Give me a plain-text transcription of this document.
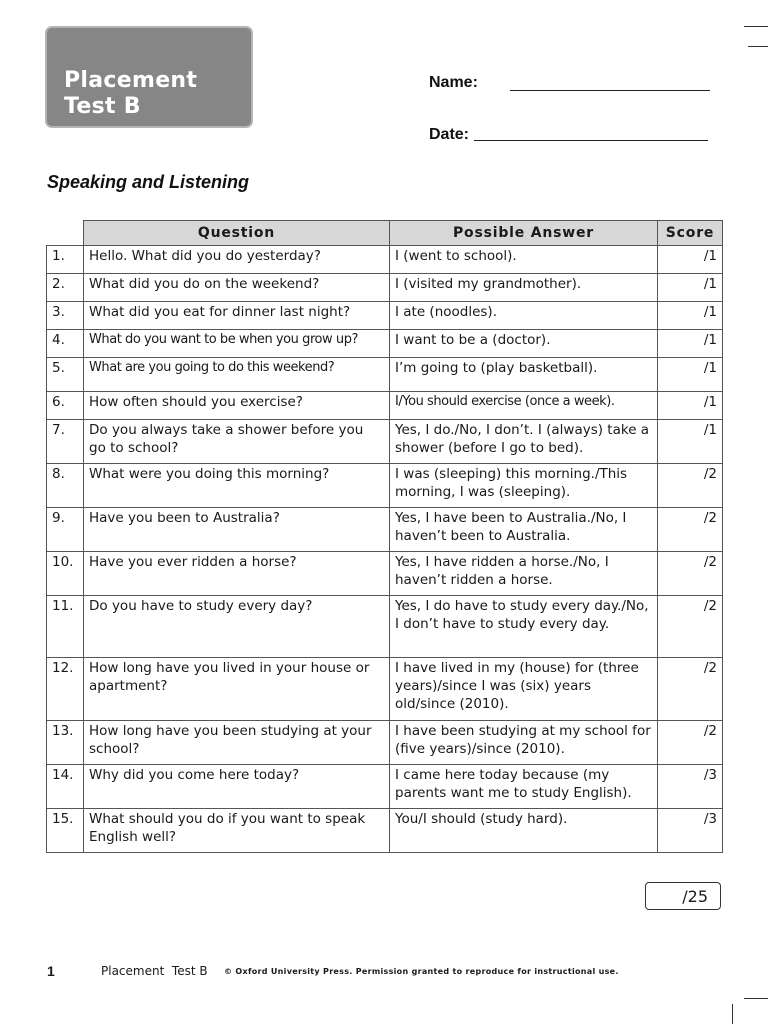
Placement
Test B
Name:
Date:
Speaking and Listening
	Question	Possible Answer	Score
1.	Hello. What did you do yesterday?	I (went to school).	/1
2.	What did you do on the weekend?	I (visited my grandmother).	/1
3.	What did you eat for dinner last night?	I ate (noodles).	/1
4.	What do you want to be when you grow up?	I want to be a (doctor).	/1
5.	What are you going to do this weekend?	I’m going to (play basketball).	/1
6.	How often should you exercise?	I/You should exercise (once a week).	/1
7.	Do you always take a shower before you go to school?	Yes, I do./No, I don’t. I (always) take a shower (before I go to bed).	/1
8.	What were you doing this morning?	I was (sleeping) this morning./This morning, I was (sleeping).	/2
9.	Have you been to Australia?	Yes, I have been to Australia./No, I haven’t been to Australia.	/2
10.	Have you ever ridden a horse?	Yes, I have ridden a horse./No, I haven’t ridden a horse.	/2
11.	Do you have to study every day?	Yes, I do have to study every day./No, I don’t have to study every day.	/2
12.	How long have you lived in your house or apartment?	I have lived in my (house) for (three years)/since I was (six) years old/since (2010).	/2
13.	How long have you been studying at your school?	I have been studying at my school for (five years)/since (2010).	/2
14.	Why did you come here today?	I came here today because (my parents want me to study English).	/3
15.	What should you do if you want to speak English well?	You/I should (study hard).	/3
/25
1	Placement  Test B © Oxford University Press. Permission granted to reproduce for instructional use.
